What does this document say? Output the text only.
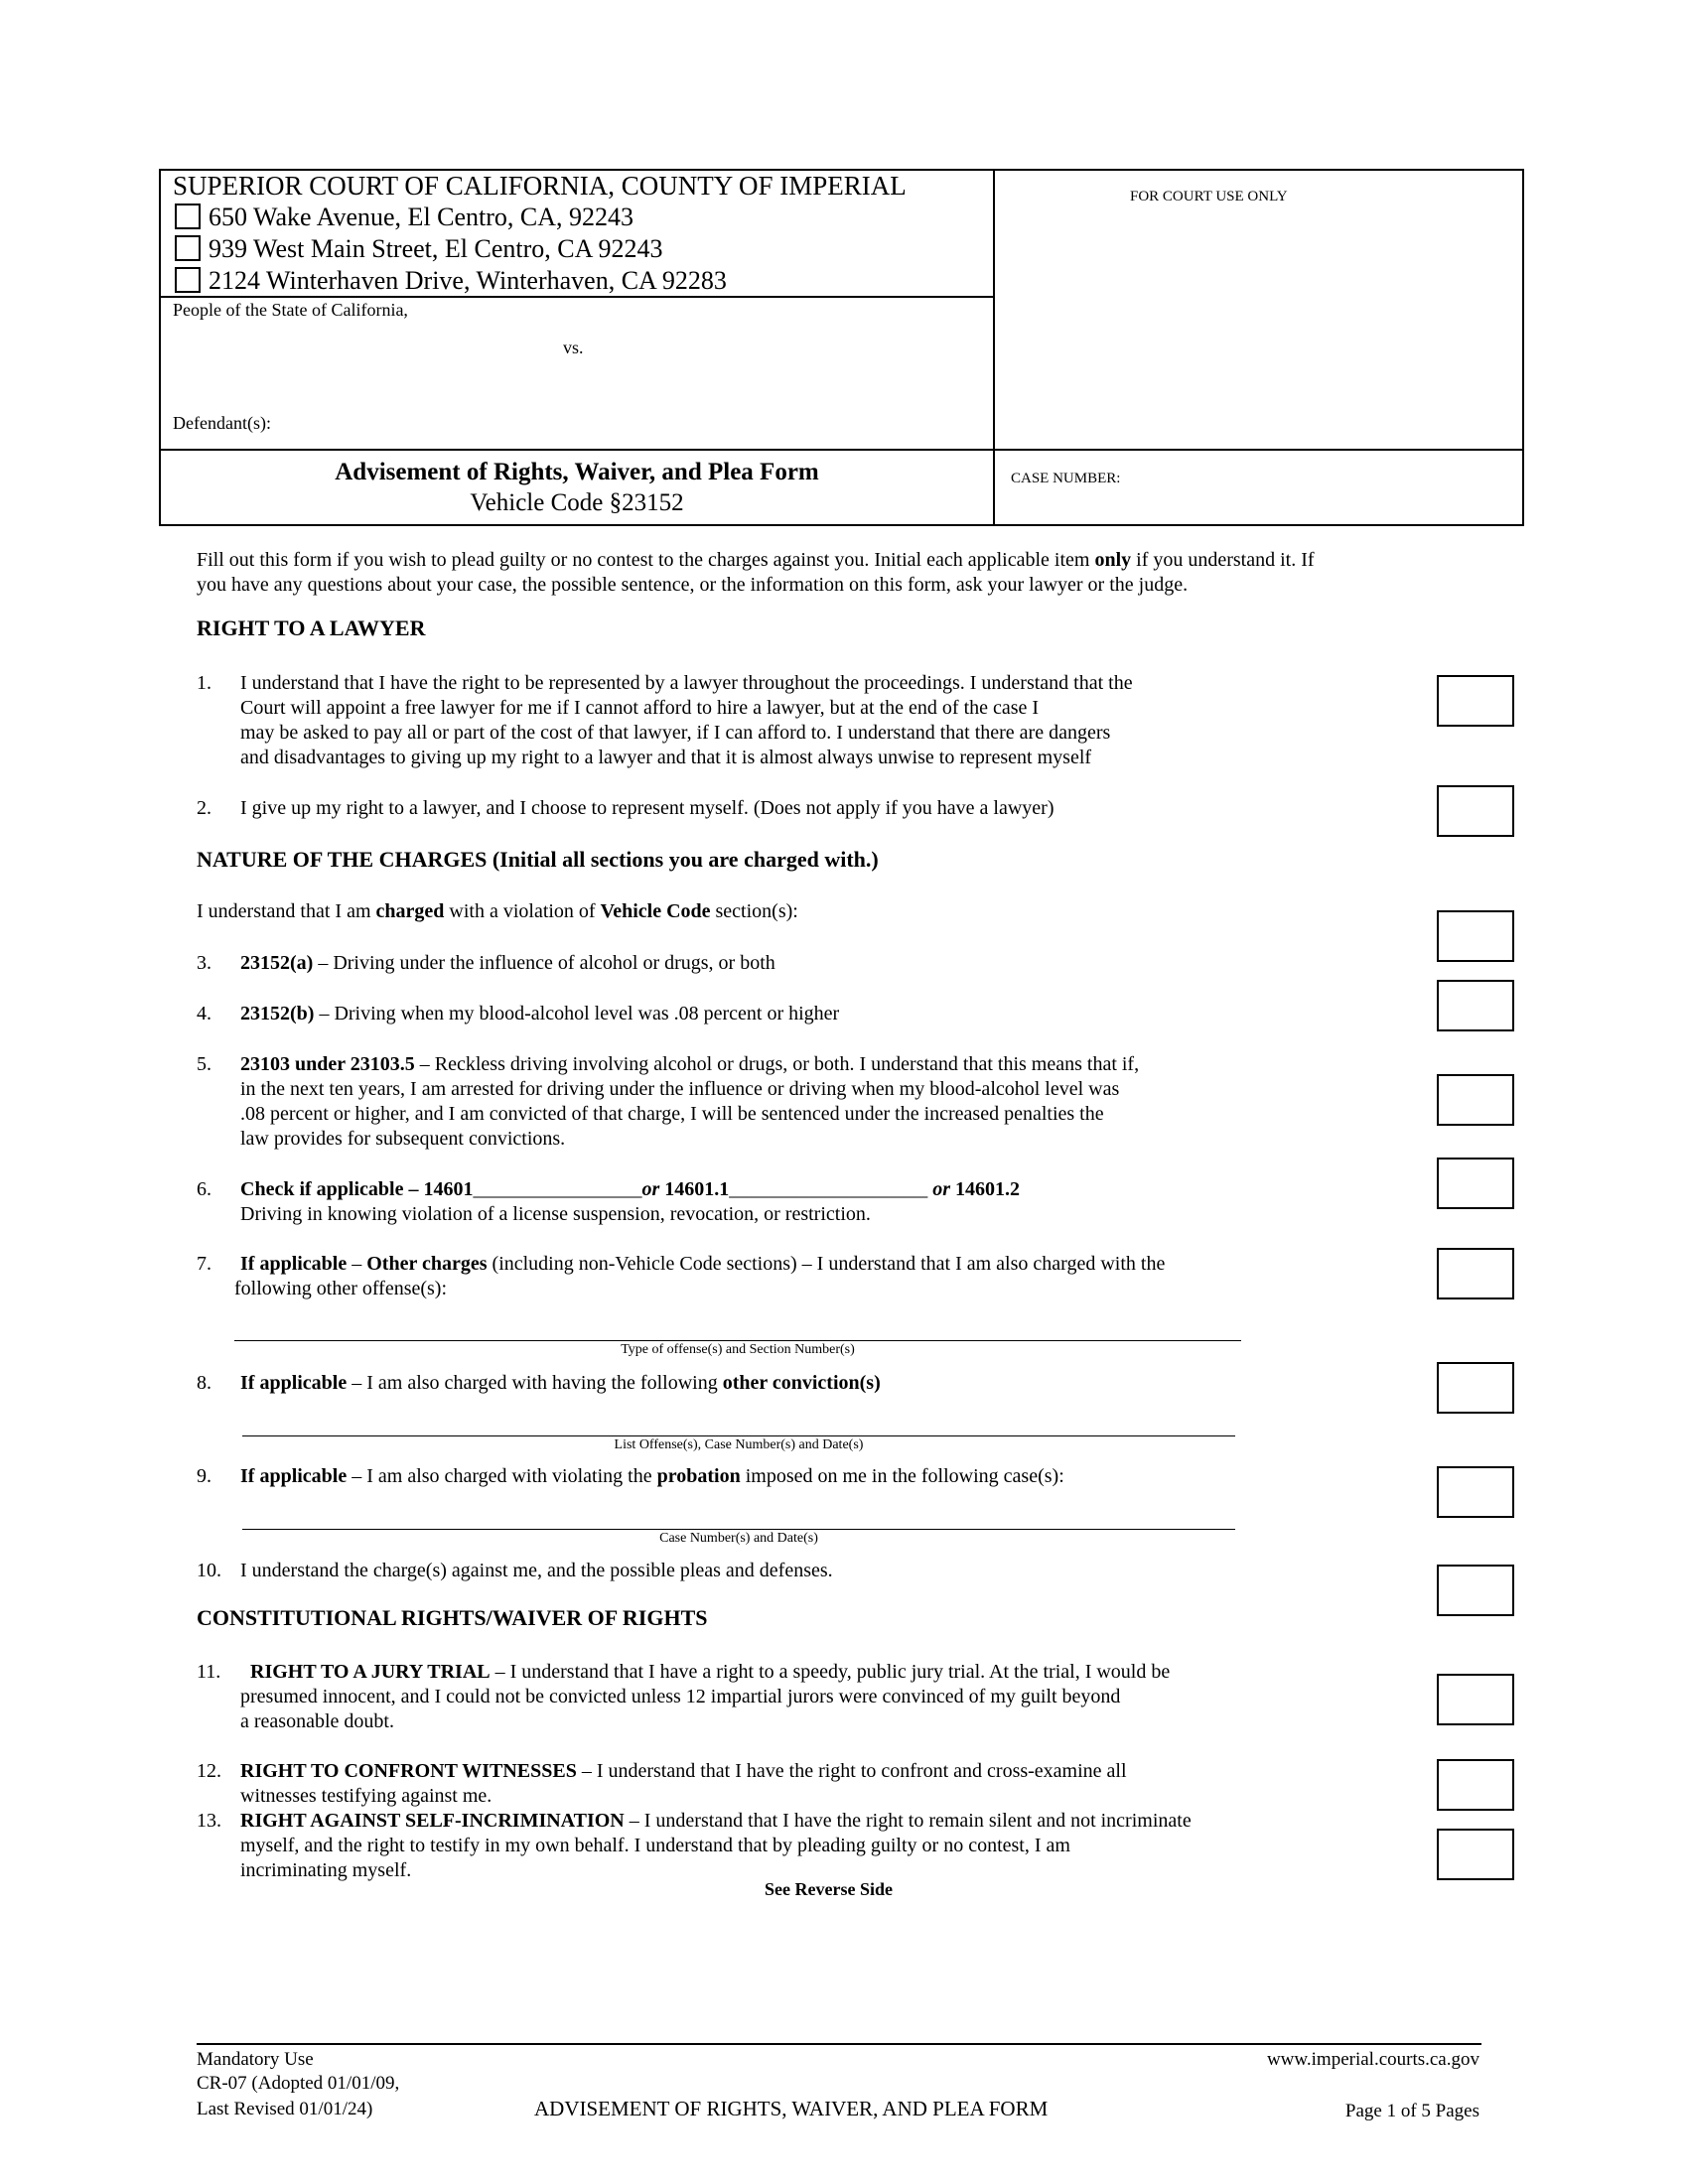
SUPERIOR COURT OF CALIFORNIA, COUNTY OF IMPERIAL
650 Wake Avenue, El Centro, CA, 92243
939 West Main Street, El Centro, CA 92243
2124 Winterhaven Drive, Winterhaven, CA 92283
People of the State of California,
vs.
Defendant(s):
FOR COURT USE ONLY
Advisement of Rights, Waiver, and Plea Form
Vehicle Code §23152
CASE NUMBER:
Fill out this form if you wish to plead guilty or no contest to the charges against you. Initial each applicable item only if you understand it. If
you have any questions about your case, the possible sentence, or the information on this form, ask your lawyer or the judge.
RIGHT TO A LAWYER
1.	I understand that I have the right to be represented by a lawyer throughout the proceedings. I understand that the
Court will appoint a free lawyer for me if I cannot afford to hire a lawyer, but at the end of the case I
may be asked to pay all or part of the cost of that lawyer, if I can afford to. I understand that there are dangers
and disadvantages to giving up my right to a lawyer and that it is almost always unwise to represent myself
2. I give up my right to a lawyer, and I choose to represent myself. (Does not apply if you have a lawyer)
NATURE OF THE CHARGES (Initial all sections you are charged with.)
I understand that I am charged with a violation of Vehicle Code section(s):
3. 23152(a) – Driving under the influence of alcohol or drugs, or both
4. 23152(b) – Driving when my blood-alcohol level was .08 percent or higher
5. 23103 under 23103.5 – Reckless driving involving alcohol or drugs, or both. I understand that this means that if,
in the next ten years, I am arrested for driving under the influence or driving when my blood-alcohol level was
.08 percent or higher, and I am convicted of that charge, I will be sentenced under the increased penalties the
law provides for subsequent convictions.
6. Check if applicable – 14601_________________or 14601.1____________________ or 14601.2
Driving in knowing violation of a license suspension, revocation, or restriction.
7. If applicable – Other charges (including non-Vehicle Code sections) – I understand that I am also charged with the
following other offense(s):
Type of offense(s) and Section Number(s)
8. If applicable – I am also charged with having the following other conviction(s)
List Offense(s), Case Number(s) and Date(s)
9. If applicable – I am also charged with violating the probation imposed on me in the following case(s):
Case Number(s) and Date(s)
10. I understand the charge(s) against me, and the possible pleas and defenses.
CONSTITUTIONAL RIGHTS/WAIVER OF RIGHTS
11. RIGHT TO A JURY TRIAL – I understand that I have a right to a speedy, public jury trial. At the trial, I would be
presumed innocent, and I could not be convicted unless 12 impartial jurors were convinced of my guilt beyond
a reasonable doubt.
12. RIGHT TO CONFRONT WITNESSES – I understand that I have the right to confront and cross-examine all
witnesses testifying against me.
13. RIGHT AGAINST SELF-INCRIMINATION – I understand that I have the right to remain silent and not incriminate
myself, and the right to testify in my own behalf. I understand that by pleading guilty or no contest, I am
incriminating myself.
See Reverse Side
Mandatory Use
CR-07 (Adopted 01/01/09,
Last Revised 01/01/24)	ADVISEMENT OF RIGHTS, WAIVER, AND PLEA FORM
www.imperial.courts.ca.gov
Page 1 of 5 Pages
